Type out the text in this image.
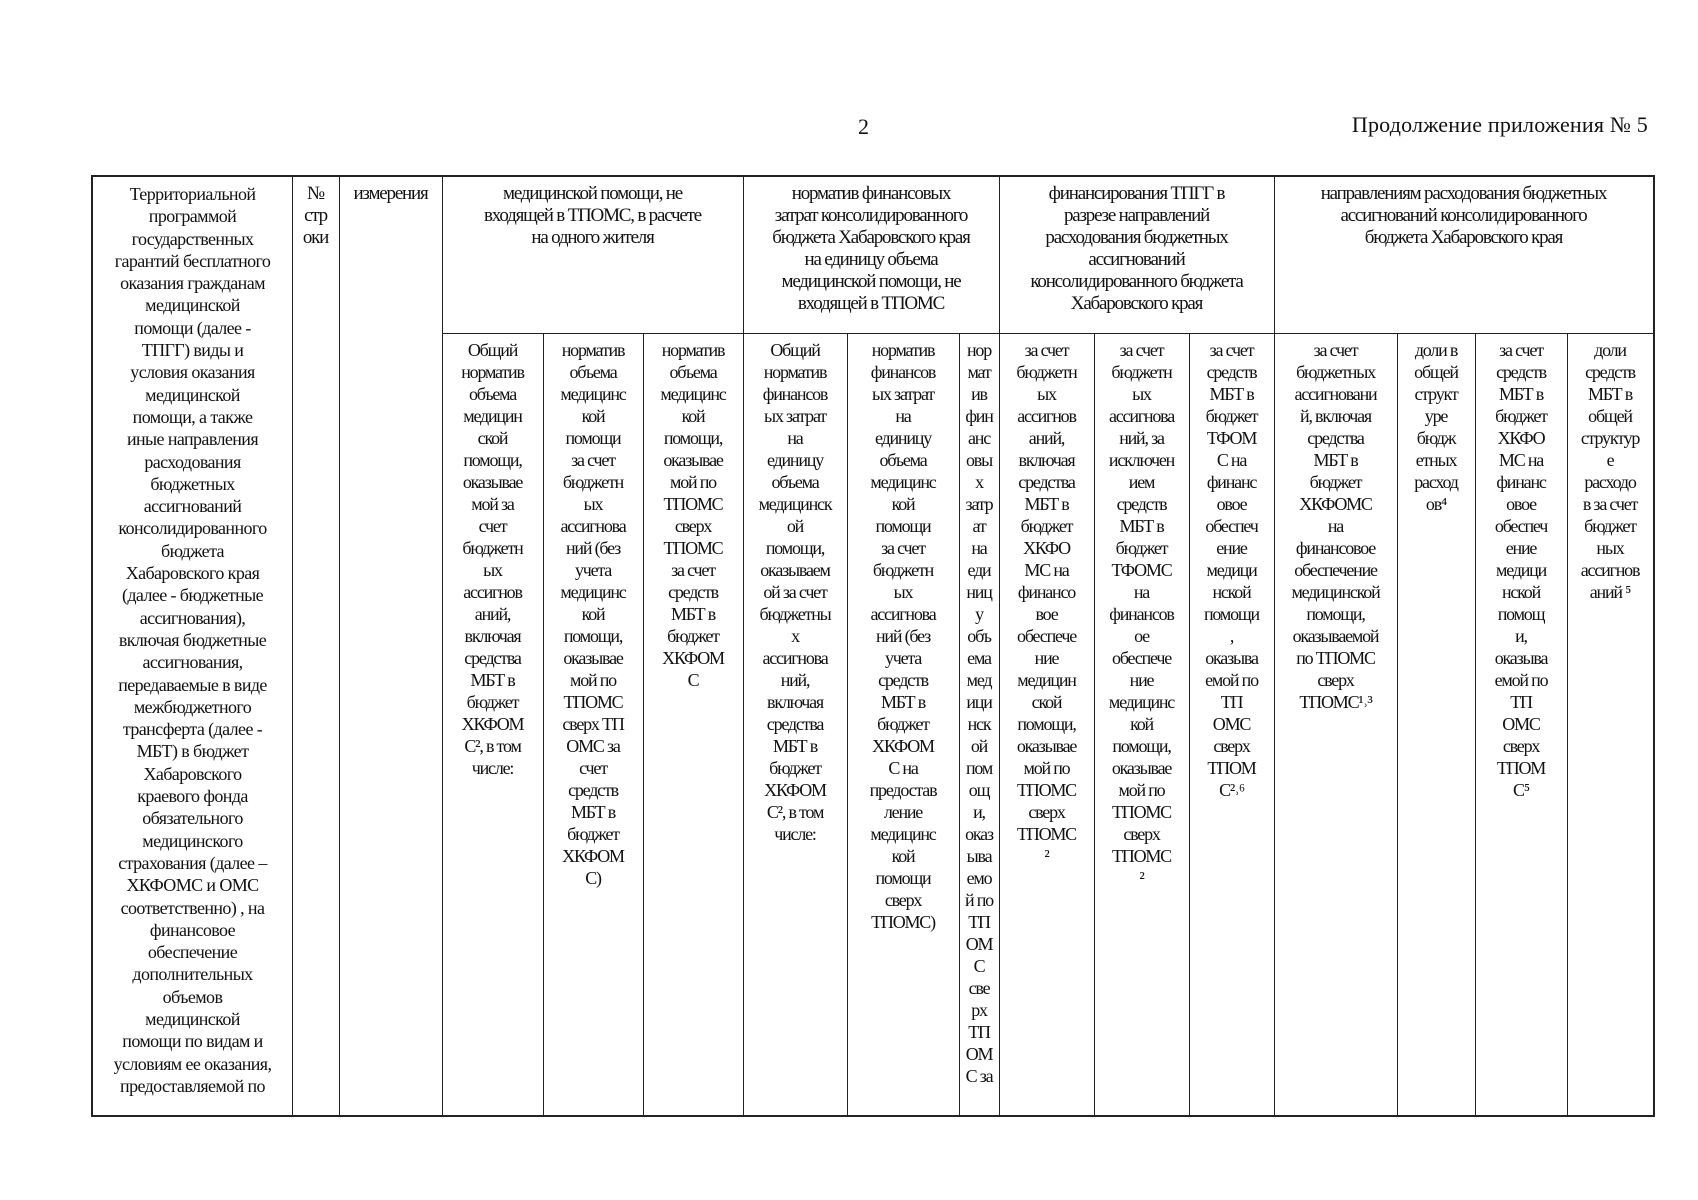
2	Продолжение приложения № 5
Территориальной
программой
государственных
гарантий бесплатного
оказания гражданам
медицинской
помощи (далее -
ТПГГ) виды и
условия оказания
медицинской
помощи, а также
иные направления
расходования
бюджетных
ассигнований
консолидированного
бюджета
Хабаровского края
(далее - бюджетные
ассигнования),
включая бюджетные
ассигнования,
передаваемые в виде
межбюджетного
трансферта (далее -
МБТ) в бюджет
Хабаровского
краевого фонда
обязательного
медицинского
страхования (далее –
ХКФОМС и ОМС
соответственно) , на
финансовое
обеспечение
дополнительных
объемов
медицинской
помощи по видам и
условиям ее оказания,
предоставляемой по
№
стр
оки
измерения	медицинской помощи, не
входящей в ТПОМС, в расчете
на одного жителя
норматив финансовых
затрат консолидированного
бюджета Хабаровского края
на единицу объема
медицинской помощи, не
входящей в ТПОМС
финансирования ТПГГ в
разрезе направлений
расходования бюджетных
ассигнований
консолидированного бюджета
Хабаровского края
направлениям расходования бюджетных
ассигнований консолидированного
бюджета Хабаровского края
Общий
норматив
объема
медицин
ской
помощи,
оказывае
мой за
счет
бюджетн
ых
ассигнов
аний,
включая
средства
МБТ в
бюджет
ХКФОМ
С², в том
числе:
норматив
объема
медицинс
кой
помощи
за счет
бюджетн
ых
ассигнова
ний (без
учета
медицинс
кой
помощи,
оказывае
мой по
ТПОМС
сверх ТП
ОМС за
счет
средств
МБТ в
бюджет
ХКФОМ
С)
норматив
объема
медицинс
кой
помощи,
оказывае
мой по
ТПОМС
сверх
ТПОМС
за счет
средств
МБТ в
бюджет
ХКФОМ
С
Общий
норматив
финансов
ых затрат
на
единицу
объема
медицинск
ой
помощи,
оказываем
ой за счет
бюджетны
х
ассигнова
ний,
включая
средства
МБТ в
бюджет
ХКФОМ
С², в том
числе:
норматив
финансов
ых затрат
на
единицу
объема
медицинс
кой
помощи
за счет
бюджетн
ых
ассигнова
ний (без
учета
средств
МБТ в
бюджет
ХКФОМ
С на
предостав
ление
медицинс
кой
помощи
сверх
ТПОМС)
нор
мат
ив
фин
анс
овы
х
затр
ат
на
еди
ниц
у
объ
ема
мед
ици
нск
ой
пом
ощ
и,
оказ
ыва
емо
й по
ТП
ОМ
С
све
рх
ТП
ОМ
С за
за счет
бюджетн
ых
ассигнов
аний,
включая
средства
МБТ в
бюджет
ХКФО
МС на
финансо
вое
обеспече
ние
медицин
ской
помощи,
оказывае
мой по
ТПОМС
сверх
ТПОМС
²
за счет
бюджетн
ых
ассигнова
ний, за
исключен
ием
средств
МБТ в
бюджет
ТФОМС
на
финансов
ое
обеспече
ние
медицинс
кой
помощи,
оказывае
мой по
ТПОМС
сверх
ТПОМС
²
за счет
средств
МБТ в
бюджет
ТФОМ
С на
финанс
овое
обеспеч
ение
медици
нской
помощи
,
оказыва
емой по
ТП
ОМС
сверх
ТПОМ
С²˒⁶
за счет
бюджетных
ассигновани
й, включая
средства
МБТ в
бюджет
ХКФОМС
на
финансовое
обеспечение
медицинской
помощи,
оказываемой
по ТПОМС
сверх
ТПОМС¹˒³
доли в
общей
структ
уре
бюдж
етных
расход
ов⁴
за счет
средств
МБТ в
бюджет
ХКФО
МС на
финанс
овое
обеспеч
ение
медици
нской
помощ
и,
оказыва
емой по
ТП
ОМС
сверх
ТПОМ
С⁵
доли
средств
МБТ в
общей
структур
е
расходо
в за счет
бюджет
ных
ассигнов
аний ⁵
